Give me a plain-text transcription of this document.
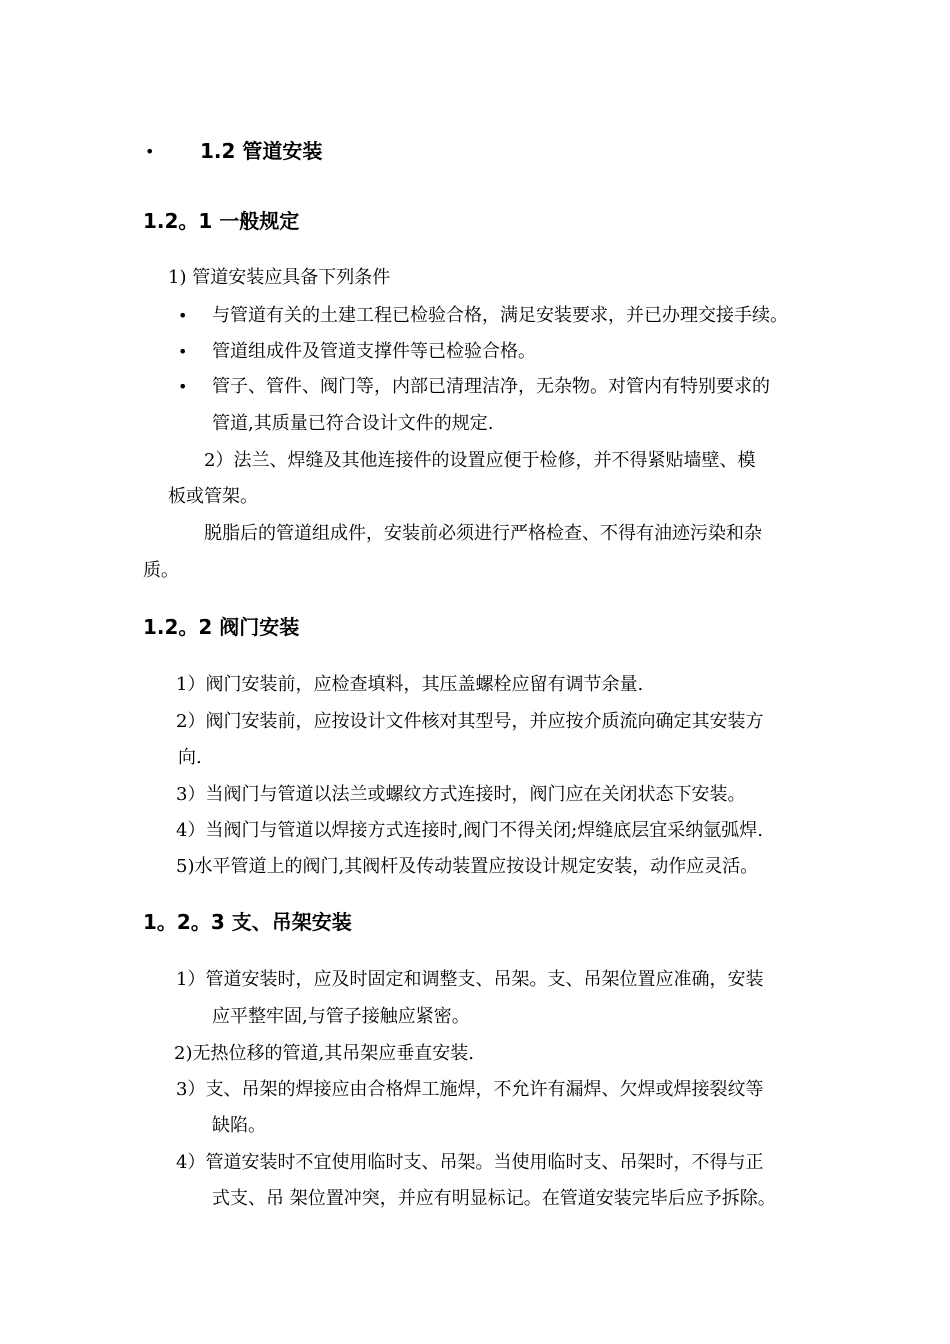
• 1.2 管道安装
1.2。1 一般规定
1) 管道安装应具备下列条件
• 与管道有关的土建工程已检验合格，满足安装要求，并已办理交接手续。
• 管道组成件及管道支撑件等已检验合格。
• 管子、管件、阀门等，内部已清理洁净，无杂物。对管内有特别要求的
管道,其质量已符合设计文件的规定.
2）法兰、焊缝及其他连接件的设置应便于检修，并不得紧贴墙壁、模
板或管架。
脱脂后的管道组成件，安装前必须进行严格检查、不得有油迹污染和杂
质。
1.2。2 阀门安装
1）阀门安装前，应检查填料，其压盖螺栓应留有调节余量.
2）阀门安装前，应按设计文件核对其型号，并应按介质流向确定其安装方
向.
3）当阀门与管道以法兰或螺纹方式连接时，阀门应在关闭状态下安装。
4）当阀门与管道以焊接方式连接时,阀门不得关闭;焊缝底层宜采纳氩弧焊.
5)水平管道上的阀门,其阀杆及传动装置应按设计规定安装，动作应灵活。
1。2。3 支、吊架安装
1）管道安装时，应及时固定和调整支、吊架。支、吊架位置应准确，安装
应平整牢固,与管子接触应紧密。
2)无热位移的管道,其吊架应垂直安装.
3）支、吊架的焊接应由合格焊工施焊，不允许有漏焊、欠焊或焊接裂纹等
缺陷。
4）管道安装时不宜使用临时支、吊架。当使用临时支、吊架时，不得与正
式支、吊 架位置冲突，并应有明显标记。在管道安装完毕后应予拆除。
